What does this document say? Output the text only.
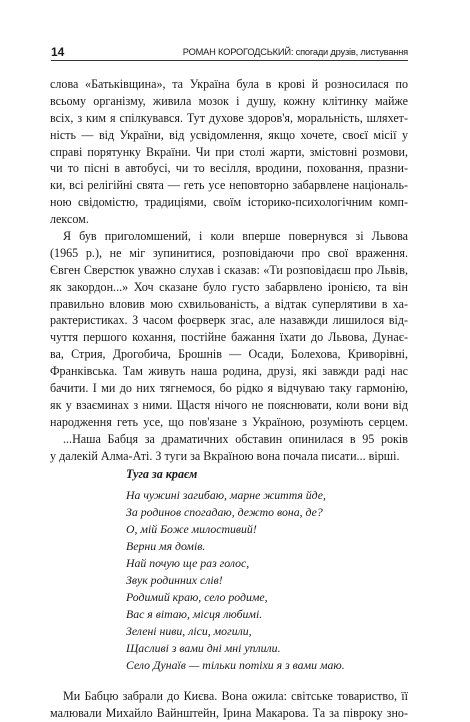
14	РОМАН КОРОГОДСЬКИЙ: спогади друзів, листування
слова «Батьківщина», та Україна була в крові й розносилася по
всьому організму, живила мозок і душу, кожну клітинку майже
всіх, з ким я спілкувався. Тут духове здоров'я, моральність, шляхет-
ність — від України, від усвідомлення, якщо хочете, своєї місії у
справі порятунку Вкраїни. Чи при столі жарти, змістовні розмови,
чи то пісні в автобусі, чи то весілля, вродини, поховання, празни-
ки, всі релігійні свята — геть усе неповторно забарвлене національ-
ною свідомістю, традиціями, своїм історико-психологічним комп-
лексом.
Я був приголомшений, і коли вперше повернувся зі Львова
(1965 р.), не міг зупинитися, розповідаючи про свої враження.
Євген Сверстюк уважно слухав і сказав: «Ти розповідаєш про Львів,
як закордон...» Хоч сказане було густо забарвлено іронією, та він
правильно вловив мою схвильованість, а відтак суперлятиви в ха-
рактеристиках. З часом фоєрверк згас, але назавжди лишилося від-
чуття першого кохання, постійне бажання їхати до Львова, Дунає-
ва, Стрия, Дрогобича, Брошнів — Осади, Болехова, Криворівні,
Франківська. Там живуть наша родина, друзі, які завжди раді нас
бачити. І ми до них тягнемося, бо рідко я відчуваю таку гармонію,
як у взаєминах з ними. Щастя нічого не пояснювати, коли вони від
народження геть усе, що пов'язане з Україною, розуміють серцем.
...Наша Бабця за драматичних обставин опинилася в 95 років
у далекій Алма-Аті. З туги за Вкраїною вона почала писати... вірші.
Туга за краєм
На чужині загибаю, марне життя йде,
За родинов спогадаю, дежто вона, де?
О, мій Боже милостивий!
Верни мя домів.
Най почую ще раз голос,
Звук родинних слів!
Родимий краю, село родиме,
Вас я вітаю, місця любимі.
Зелені ниви, ліси, могили,
Щасливі з вами дні мні уплили.
Село Дунаїв — тільки потіхи я з вами маю.
Ми Бабцю забрали до Києва. Вона ожила: світське товариство, її
малювали Михайло Вайнштейн, Ірина Макарова. Та за півроку зно-
